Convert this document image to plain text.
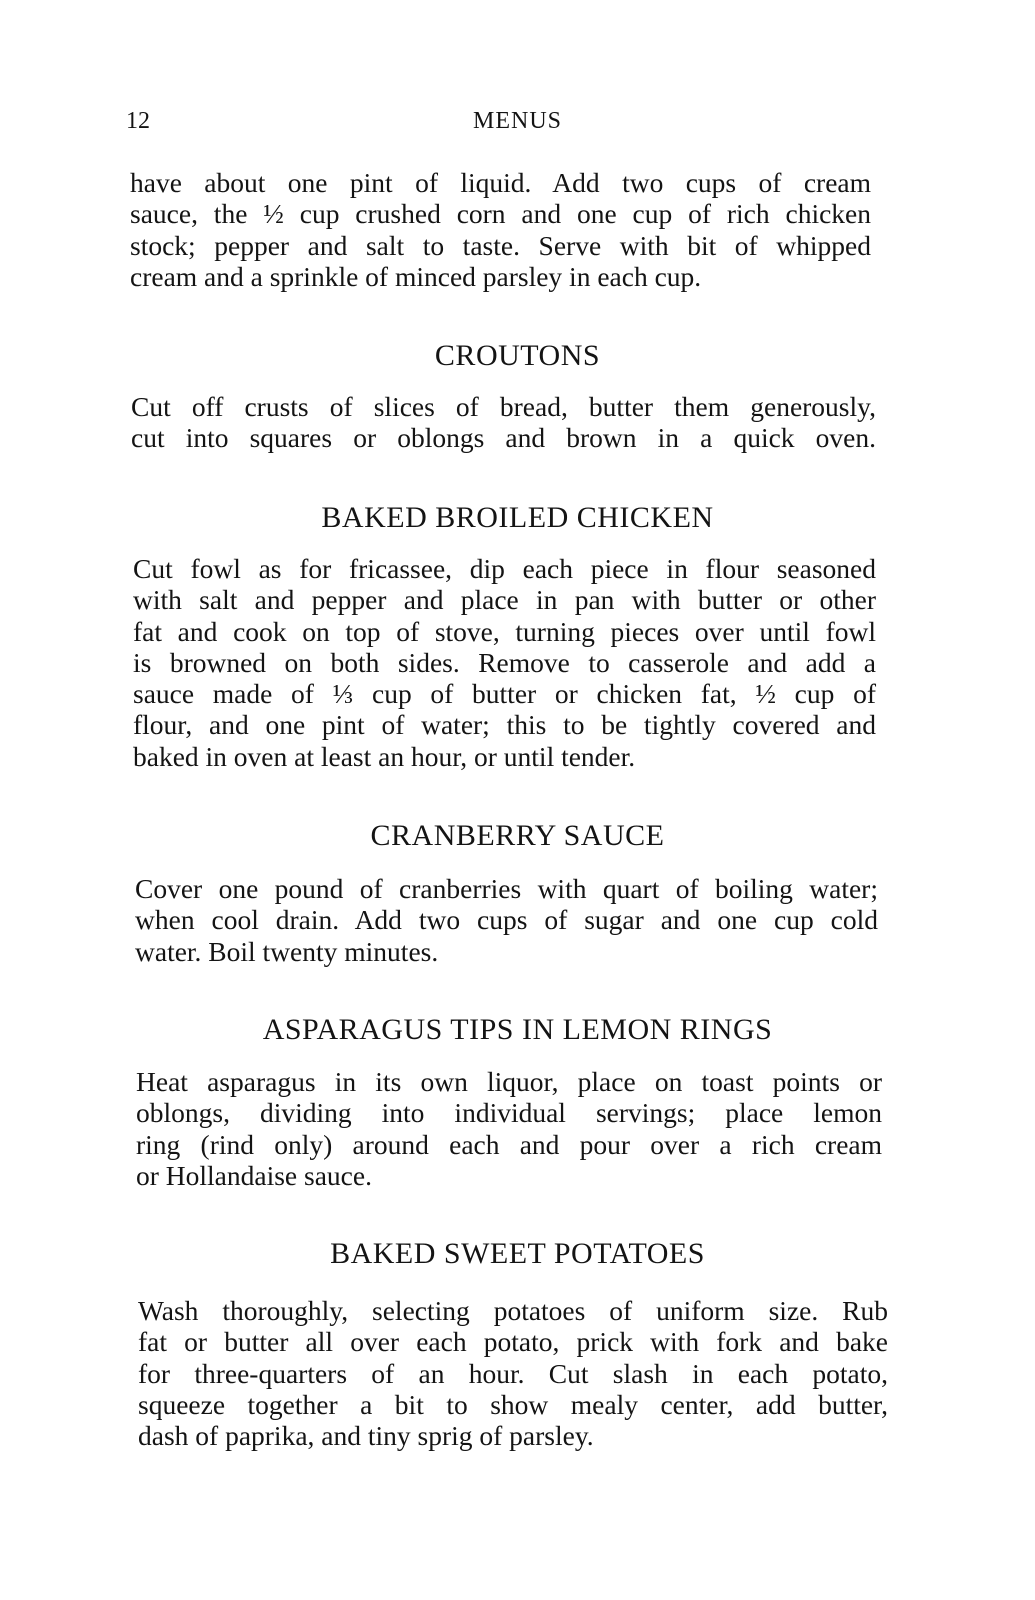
12	MENUS

have about one pint of liquid. Add two cups of cream
sauce, the ½ cup crushed corn and one cup of rich chicken
stock; pepper and salt to taste. Serve with bit of whipped
cream and a sprinkle of minced parsley in each cup.

CROUTONS

Cut off crusts of slices of bread, butter them generously,
cut into squares or oblongs and brown in a quick oven.

BAKED BROILED CHICKEN

Cut fowl as for fricassee, dip each piece in flour seasoned
with salt and pepper and place in pan with butter or other
fat and cook on top of stove, turning pieces over until fowl
is browned on both sides. Remove to casserole and add a
sauce made of ⅓ cup of butter or chicken fat, ½ cup of
flour, and one pint of water; this to be tightly covered and
baked in oven at least an hour, or until tender.

CRANBERRY SAUCE

Cover one pound of cranberries with quart of boiling water;
when cool drain. Add two cups of sugar and one cup cold
water. Boil twenty minutes.

ASPARAGUS TIPS IN LEMON RINGS

Heat asparagus in its own liquor, place on toast points or
oblongs, dividing into individual servings; place lemon
ring (rind only) around each and pour over a rich cream
or Hollandaise sauce.

BAKED SWEET POTATOES

Wash thoroughly, selecting potatoes of uniform size. Rub
fat or butter all over each potato, prick with fork and bake
for three-quarters of an hour. Cut slash in each potato,
squeeze together a bit to show mealy center, add butter,
dash of paprika, and tiny sprig of parsley.
